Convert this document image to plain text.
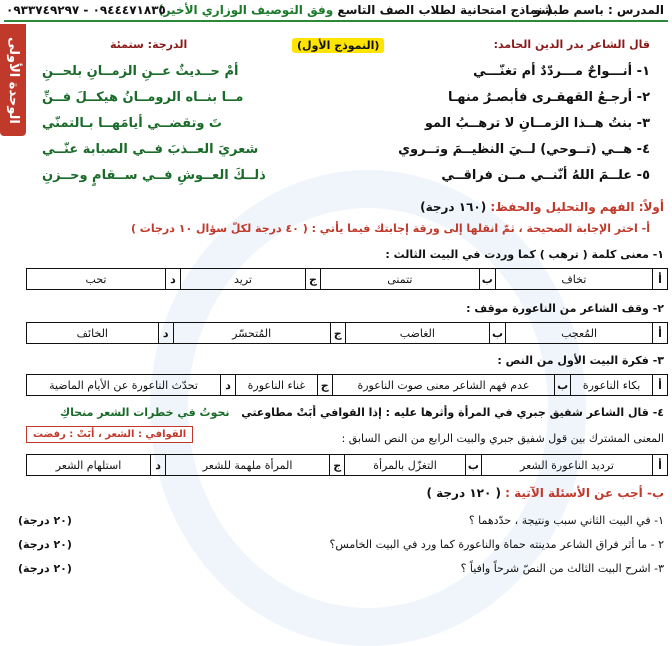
المدرس : باسم طبشو
( نماذج امتحانية لطلاب الصف التاسع وفق التوصيف الوزاري الأخير)
٠٩٤٤٤٧١٨٣٥ - ٠٩٣٣٧٤٩٢٩٧
الوحدة الأولى	قال الشاعر بدر الدين الحامد:
(النموذج الأول)
الدرجة: ستمئة
١- أنـــواحٌ مـــردّدٌ أم تغنّـــي
أمْ حــديثٌ عــنِ الزمــانِ بلحــنِ
٢- أرجـعُ القهقـرى فأبصـرُ منهـا
مــا بنــاه الرومــانُ هيكــلَ فــنِّ
٣- بنتُ هــذا الزمــانِ لا ترهــبُ المو
تَ وتقضــي أيامَهــا بـالتمنّي
٤- هــي (تــوحي) لــيَ النظيــمَ وتــروي
شعريَ العــذبَ فــي الصبابة عنّــي
٥- علــمَ اللهُ أنّنــي مــن فراقــي
ذلــكَ العــوشِ فــي ســقامٍ وحــزنِ
أولاً: الفهم والتحليل والحفظ: (١٦٠ درجة)
أ- اختر الإجابة الصحيحة ، ثمّ انقلها إلى ورقة إجابتك فيما يأتي : ( ٤٠ درجة لكلّ سؤال ١٠ درجات )
١- معنى كلمة ( ترهب ) كما وردت في البيت الثالث :
أ	تخاف	ب	تتمنى	ج	تريد	د	تحب
٢- وقف الشاعر من الناعورة موقف :
أ	المُعجب	ب	الغاضب	ج	المُتحسّر	د	الخائف
٣- فكرة البيت الأول من النص :
أ	بكاء الناعورة	ب	عدم فهم الشاعر معنى صوت الناعورة	ج	غناء الناعورة	د	تحدّث الناعورة عن الأيام الماضية
٤- قال الشاعر شفيق جبري في المرأة وأثرها عليه : إذا القوافي أبَتْ مطاوعتي
نحوتُ في خطرات الشعر منحاكِ
القوافي : الشعر ، أبَتْ : رفضت	المعنى المشترك بين قول شفيق جبري والبيت الرابع من النص السابق :
أ	ترديد الناعورة الشعر	ب	التغزّل بالمرأة	ج	المرأة ملهمة للشعر	د	استلهام الشعر
ب- أجب عن الأسئلة الآتية : ( ١٢٠ درجة )
١- في البيت الثاني سبب ونتيجة ، حدّدهما ؟
(٢٠ درجة)
٢ - ما أثر فراق الشاعر مدينته حماة والناعورة كما ورد في البيت الخامس؟
(٢٠ درجة)
٣- اشرح البيت الثالث من النصّ شرحاً وافياً ؟
(٢٠ درجة)
